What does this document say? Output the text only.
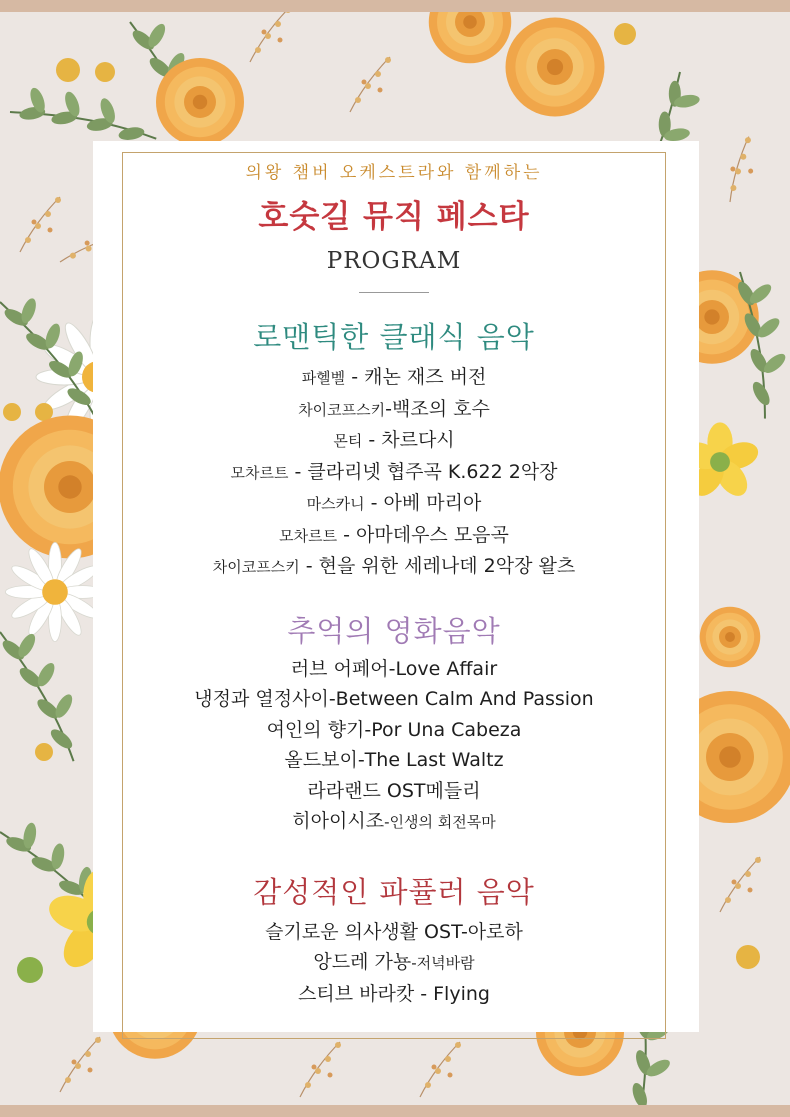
의왕 챔버 오케스트라와 함께하는
호숫길 뮤직 페스타
PROGRAM
로맨틱한 클래식 음악
파헬벨 - 캐논 재즈 버전
차이코프스키-백조의 호수
몬티 - 차르다시
모차르트 - 클라리넷 협주곡 K.622 2악장
마스카니 - 아베 마리아
모차르트 - 아마데우스 모음곡
차이코프스키 - 현을 위한 세레나데 2악장 왈츠
추억의 영화음악
러브 어페어-Love Affair
냉정과 열정사이-Between Calm And Passion
여인의 향기-Por Una Cabeza
올드보이-The Last Waltz
라라랜드 OST메들리
히아이시조-인생의 회전목마
감성적인 파퓰러 음악
슬기로운 의사생활 OST-아로하
앙드레 가뇽-저녁바람
스티브 바라캇 - Flying
